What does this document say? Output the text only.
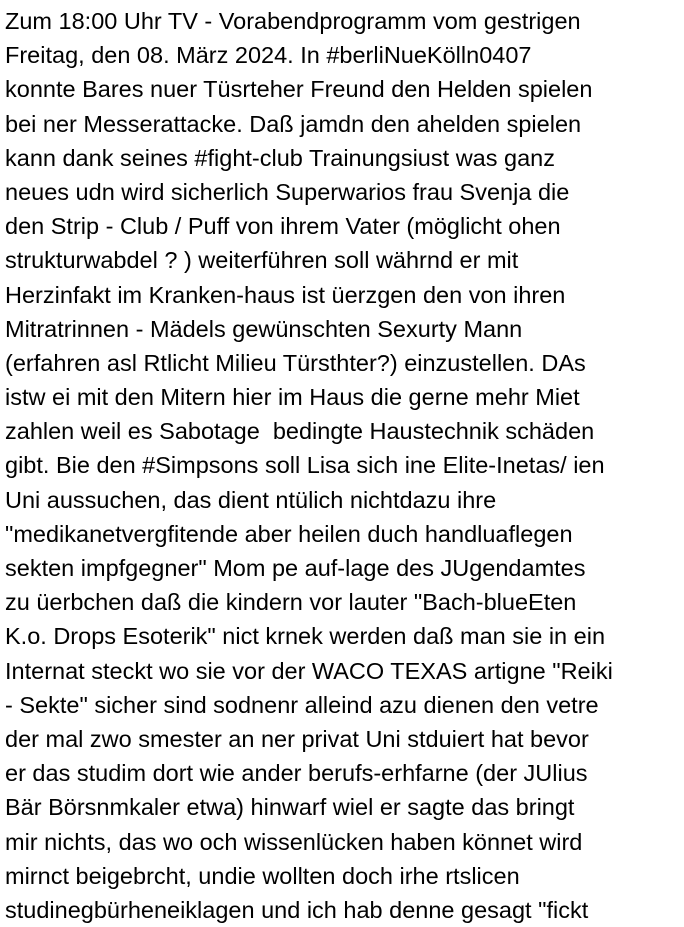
Zum 18:00 Uhr TV - Vorabendprogramm vom gestrigen
Freitag, den 08. März 2024. In #berliNueKölln0407
konnte Bares nuer Tüsrteher Freund den Helden spielen
bei ner Messerattacke. Daß jamdn den ahelden spielen
kann dank seines #fight-club Trainungsiust was ganz
neues udn wird sicherlich Superwarios frau Svenja die
den Strip - Club / Puff von ihrem Vater (möglicht ohen
strukturwabdel ? ) weiterführen soll währnd er mit
Herzinfakt im Kranken-haus ist üerzgen den von ihren
Mitratrinnen - Mädels gewünschten Sexurty Mann
(erfahren asl Rtlicht Milieu Türsthter?) einzustellen. DAs
istw ei mit den Mitern hier im Haus die gerne mehr Miet
zahlen weil es Sabotage  bedingte Haustechnik schäden
gibt. Bie den #Simpsons soll Lisa sich ine Elite-Inetas/ ien
Uni aussuchen, das dient ntülich nichtdazu ihre
"medikanetvergfitende aber heilen duch handluaflegen
sekten impfgegner" Mom pe auf-lage des JUgendamtes
zu üerbchen daß die kindern vor lauter "Bach-blueEten
K.o. Drops Esoterik" nict krnek werden daß man sie in ein
Internat steckt wo sie vor der WACO TEXAS artigne "Reiki
- Sekte" sicher sind sodnenr alleind azu dienen den vetre
der mal zwo smester an ner privat Uni stduiert hat bevor
er das studim dort wie ander berufs-erhfarne (der JUlius
Bär Börsnmkaler etwa) hinwarf wiel er sagte das bringt
mir nichts, das wo och wissenlücken haben könnet wird
mirnct beigebrcht, undie wollten doch irhe rtslicen
studinegbürheneiklagen und ich hab denne gesagt "fickt
